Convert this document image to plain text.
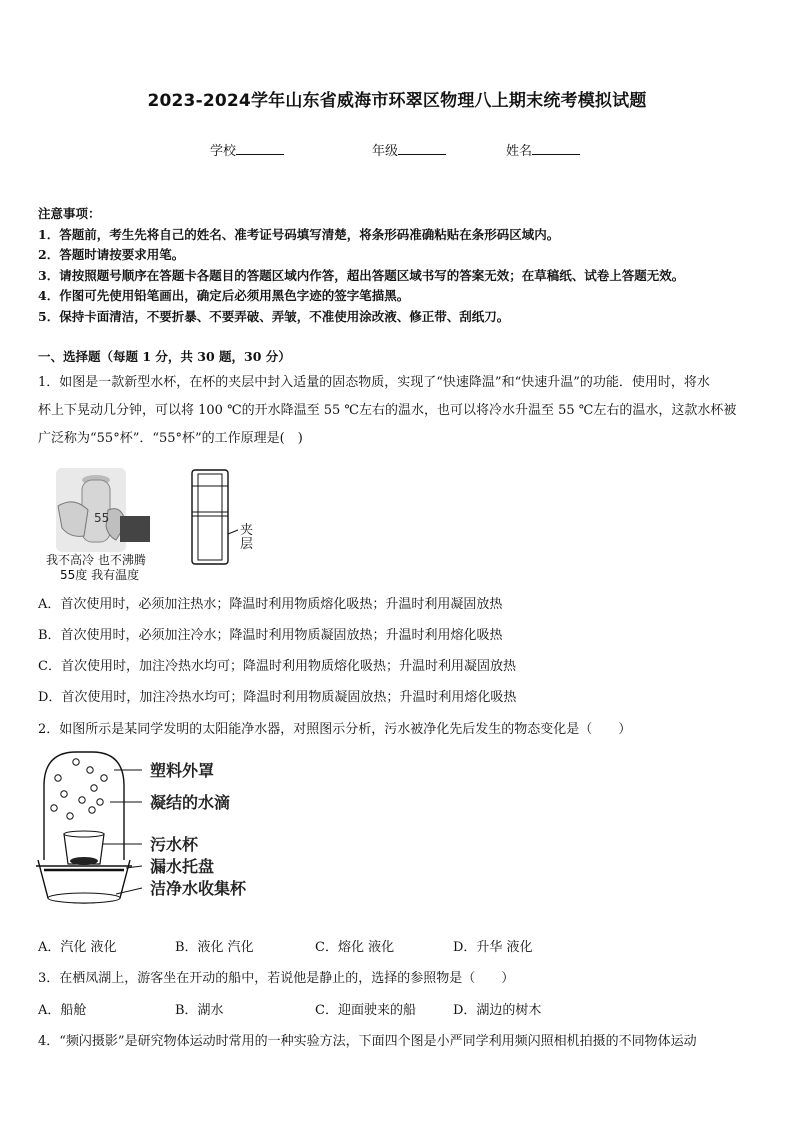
2023-2024学年山东省威海市环翠区物理八上期末统考模拟试题
学校	年级	姓名
注意事项：
1．答题前，考生先将自己的姓名、准考证号码填写清楚，将条形码准确粘贴在条形码区域内。
2．答题时请按要求用笔。
3．请按照题号顺序在答题卡各题目的答题区域内作答，超出答题区域书写的答案无效；在草稿纸、试卷上答题无效。
4．作图可先使用铅笔画出，确定后必须用黑色字迹的签字笔描黑。
5．保持卡面清洁，不要折暴、不要弄破、弄皱，不准使用涂改液、修正带、刮纸刀。
一、选择题（每题 1 分，共 30 题，30 分）
1．如图是一款新型水杯，在杯的夹层中封入适量的固态物质，实现了“快速降温”和“快速升温”的功能．使用时，将水
杯上下晃动几分钟，可以将 100 ℃的开水降温至 55 ℃左右的温水，也可以将冷水升温至 55 ℃左右的温水，这款水杯被
广泛称为“55°杯”．“55°杯”的工作原理是(　)
55
我不高冷 也不沸腾
55度 我有温度
夹
层
A．首次使用时，必须加注热水；降温时利用物质熔化吸热；升温时利用凝固放热
B．首次使用时，必须加注冷水；降温时利用物质凝固放热；升温时利用熔化吸热
C．首次使用时，加注冷热水均可；降温时利用物质熔化吸热；升温时利用凝固放热
D．首次使用时，加注冷热水均可；降温时利用物质凝固放热；升温时利用熔化吸热
2．如图所示是某同学发明的太阳能净水器，对照图示分析，污水被净化先后发生的物态变化是（　　）
塑料外罩
凝结的水滴
污水杯
漏水托盘
洁净水收集杯
A．汽化 液化	B．液化 汽化	C．熔化 液化	D．升华 液化
3．在栖凤湖上，游客坐在开动的船中，若说他是静止的，选择的参照物是（　　）
A．船舱	B．湖水	C．迎面驶来的船	D．湖边的树木
4．“频闪摄影”是研究物体运动时常用的一种实验方法，下面四个图是小严同学利用频闪照相机拍摄的不同物体运动
